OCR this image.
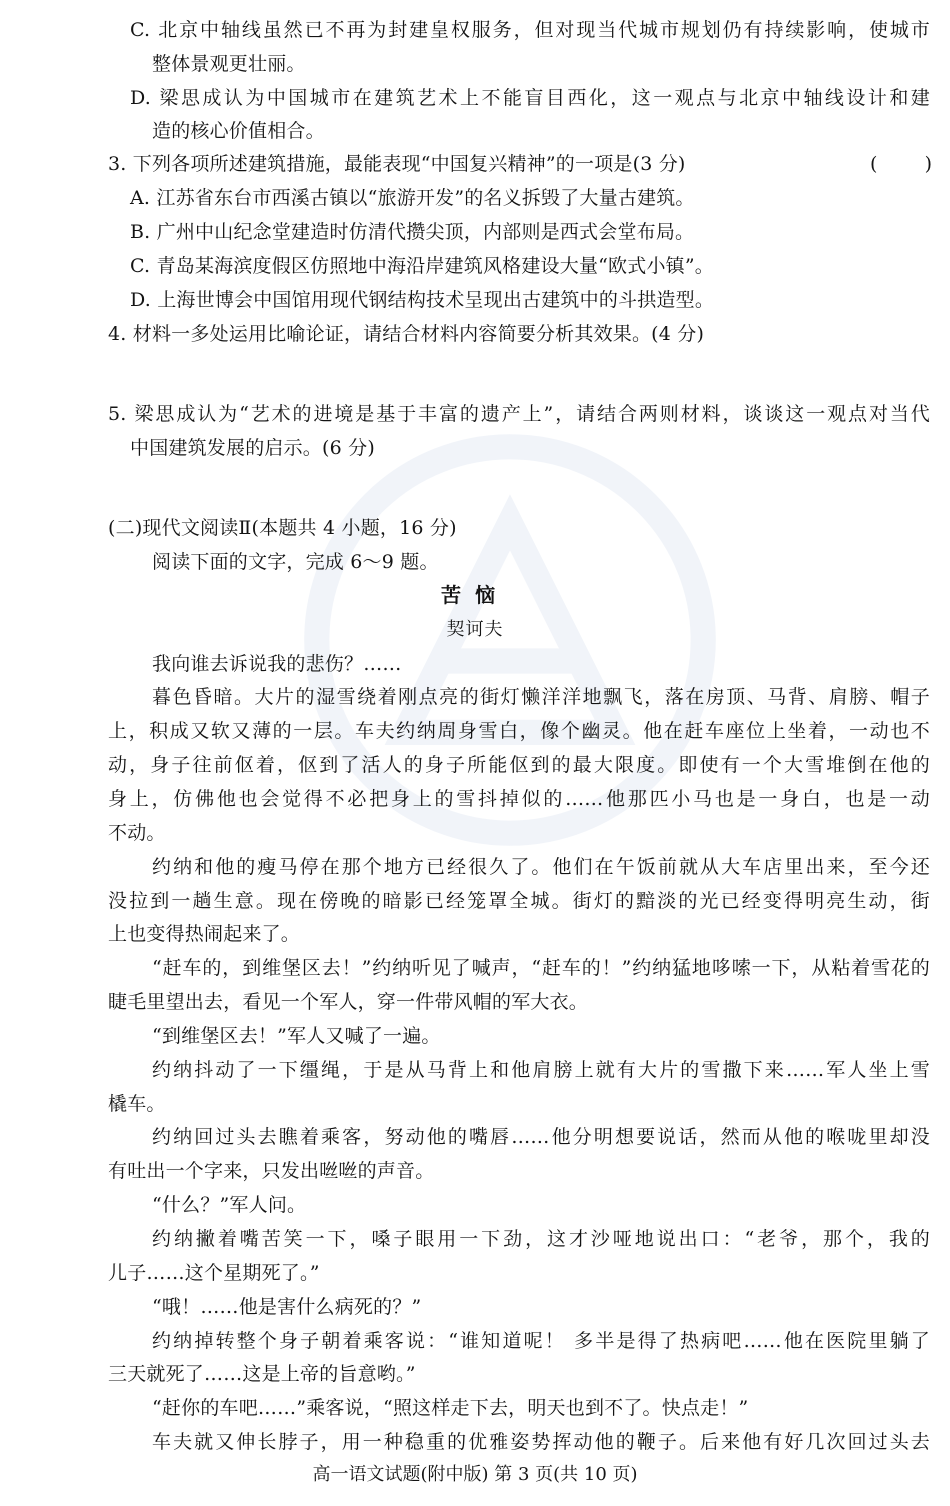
C. 北京中轴线虽然已不再为封建皇权服务，但对现当代城市规划仍有持续影响，使城市
整体景观更壮丽。
D. 梁思成认为中国城市在建筑艺术上不能盲目西化，这一观点与北京中轴线设计和建
造的核心价值相合。
3. 下列各项所述建筑措施，最能表现“中国复兴精神”的一项是(3 分)	( )
A. 江苏省东台市西溪古镇以“旅游开发”的名义拆毁了大量古建筑。
B. 广州中山纪念堂建造时仿清代攒尖顶，内部则是西式会堂布局。
C. 青岛某海滨度假区仿照地中海沿岸建筑风格建设大量“欧式小镇”。
D. 上海世博会中国馆用现代钢结构技术呈现出古建筑中的斗拱造型。
4. 材料一多处运用比喻论证，请结合材料内容简要分析其效果。(4 分)
5. 梁思成认为“艺术的进境是基于丰富的遗产上”，请结合两则材料，谈谈这一观点对当代
中国建筑发展的启示。(6 分)
(二)现代文阅读Ⅱ(本题共 4 小题，16 分)
阅读下面的文字，完成 6～9 题。
苦恼
契诃夫
我向谁去诉说我的悲伤？……
暮色昏暗。大片的湿雪绕着刚点亮的街灯懒洋洋地飘飞，落在房顶、马背、肩膀、帽子
上，积成又软又薄的一层。车夫约纳周身雪白，像个幽灵。他在赶车座位上坐着，一动也不
动，身子往前伛着，伛到了活人的身子所能伛到的最大限度。即使有一个大雪堆倒在他的
身上，仿佛他也会觉得不必把身上的雪抖掉似的……他那匹小马也是一身白，也是一动
不动。
约纳和他的瘦马停在那个地方已经很久了。他们在午饭前就从大车店里出来，至今还
没拉到一趟生意。现在傍晚的暗影已经笼罩全城。街灯的黯淡的光已经变得明亮生动，街
上也变得热闹起来了。
“赶车的，到维堡区去！”约纳听见了喊声，“赶车的！”约纳猛地哆嗦一下，从粘着雪花的
睫毛里望出去，看见一个军人，穿一件带风帽的军大衣。
“到维堡区去！”军人又喊了一遍。
约纳抖动了一下缰绳，于是从马背上和他肩膀上就有大片的雪撒下来……军人坐上雪
橇车。
约纳回过头去瞧着乘客，努动他的嘴唇……他分明想要说话，然而从他的喉咙里却没
有吐出一个字来，只发出咝咝的声音。
“什么？”军人问。
约纳撇着嘴苦笑一下，嗓子眼用一下劲，这才沙哑地说出口：“老爷，那个，我的
儿子……这个星期死了。”
“哦！……他是害什么病死的？”
约纳掉转整个身子朝着乘客说：“谁知道呢！ 多半是得了热病吧……他在医院里躺了
三天就死了……这是上帝的旨意哟。”
“赶你的车吧……”乘客说，“照这样走下去，明天也到不了。快点走！”
车夫就又伸长脖子，用一种稳重的优雅姿势挥动他的鞭子。后来他有好几次回过头去
高一语文试题(附中版) 第 3 页(共 10 页)
